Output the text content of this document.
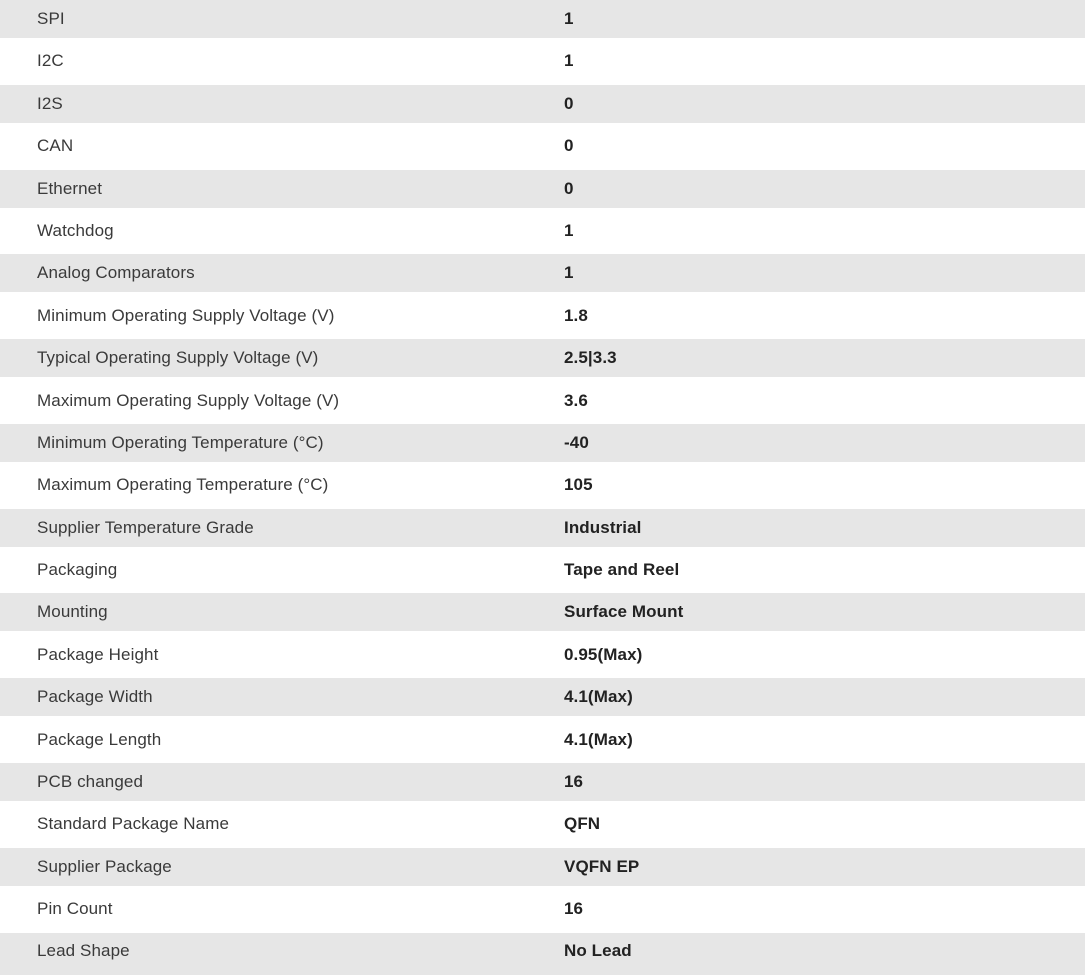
SPI	1
I2C	1
I2S	0
CAN	0
Ethernet	0
Watchdog	1
Analog Comparators	1
Minimum Operating Supply Voltage (V)	1.8
Typical Operating Supply Voltage (V)	2.5|3.3
Maximum Operating Supply Voltage (V)	3.6
Minimum Operating Temperature (°C)	-40
Maximum Operating Temperature (°C)	105
Supplier Temperature Grade	Industrial
Packaging	Tape and Reel
Mounting	Surface Mount
Package Height	0.95(Max)
Package Width	4.1(Max)
Package Length	4.1(Max)
PCB changed	16
Standard Package Name	QFN
Supplier Package	VQFN EP
Pin Count	16
Lead Shape	No Lead
